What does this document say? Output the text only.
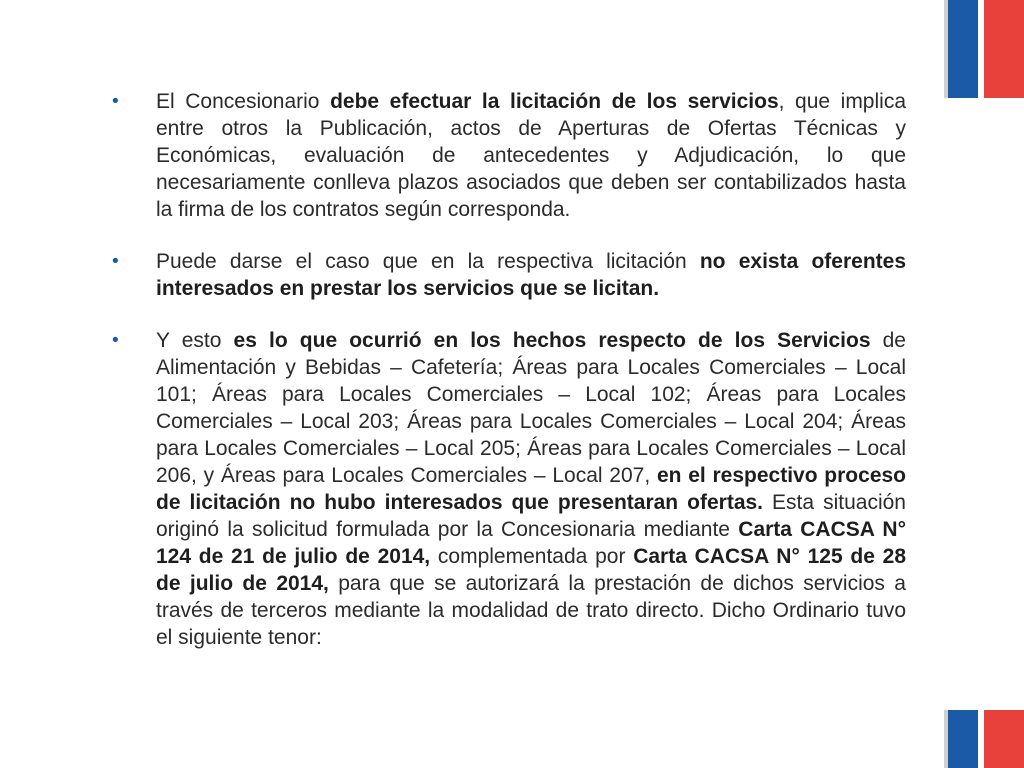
•	El Concesionario debe efectuar la licitación de los servicios, que implica entre otros la Publicación, actos de Aperturas de Ofertas Técnicas y Económicas, evaluación de antecedentes y Adjudicación, lo que necesariamente conlleva plazos asociados que deben ser contabilizados hasta la firma de los contratos según corresponda.

•	Puede darse el caso que en la respectiva licitación no exista oferentes interesados en prestar los servicios que se licitan.

•	Y esto es lo que ocurrió en los hechos respecto de los Servicios de Alimentación y Bebidas – Cafetería; Áreas para Locales Comerciales – Local 101; Áreas para Locales Comerciales – Local 102; Áreas para Locales Comerciales – Local 203; Áreas para Locales Comerciales – Local 204; Áreas para Locales Comerciales – Local 205; Áreas para Locales Comerciales – Local 206, y Áreas para Locales Comerciales – Local 207, en el respectivo proceso de licitación no hubo interesados que presentaran ofertas. Esta situación originó la solicitud formulada por la Concesionaria mediante Carta CACSA N° 124 de 21 de julio de 2014, complementada por Carta CACSA N° 125 de 28 de julio de 2014, para que se autorizará la prestación de dichos servicios a través de terceros mediante la modalidad de trato directo. Dicho Ordinario tuvo el siguiente tenor:
